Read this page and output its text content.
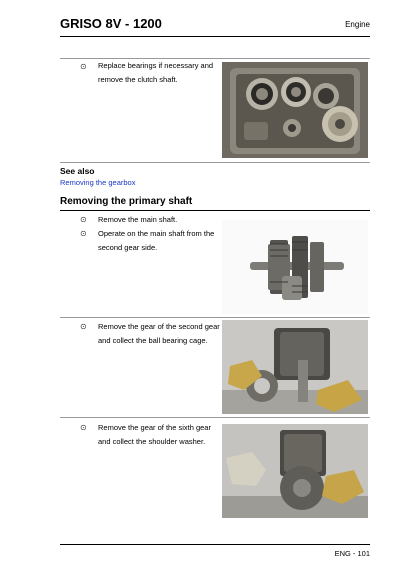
GRISO 8V - 1200	Engine
⊙ Replace bearings if necessary and remove the clutch shaft.
See also
Removing the gearbox
Removing the primary shaft
⊙ Remove the main shaft.
⊙ Operate on the main shaft from the second gear side.
⊙ Remove the gear of the second gear and collect the ball bearing cage.
⊙ Remove the gear of the sixth gear and collect the shoulder washer.
ENG - 101
